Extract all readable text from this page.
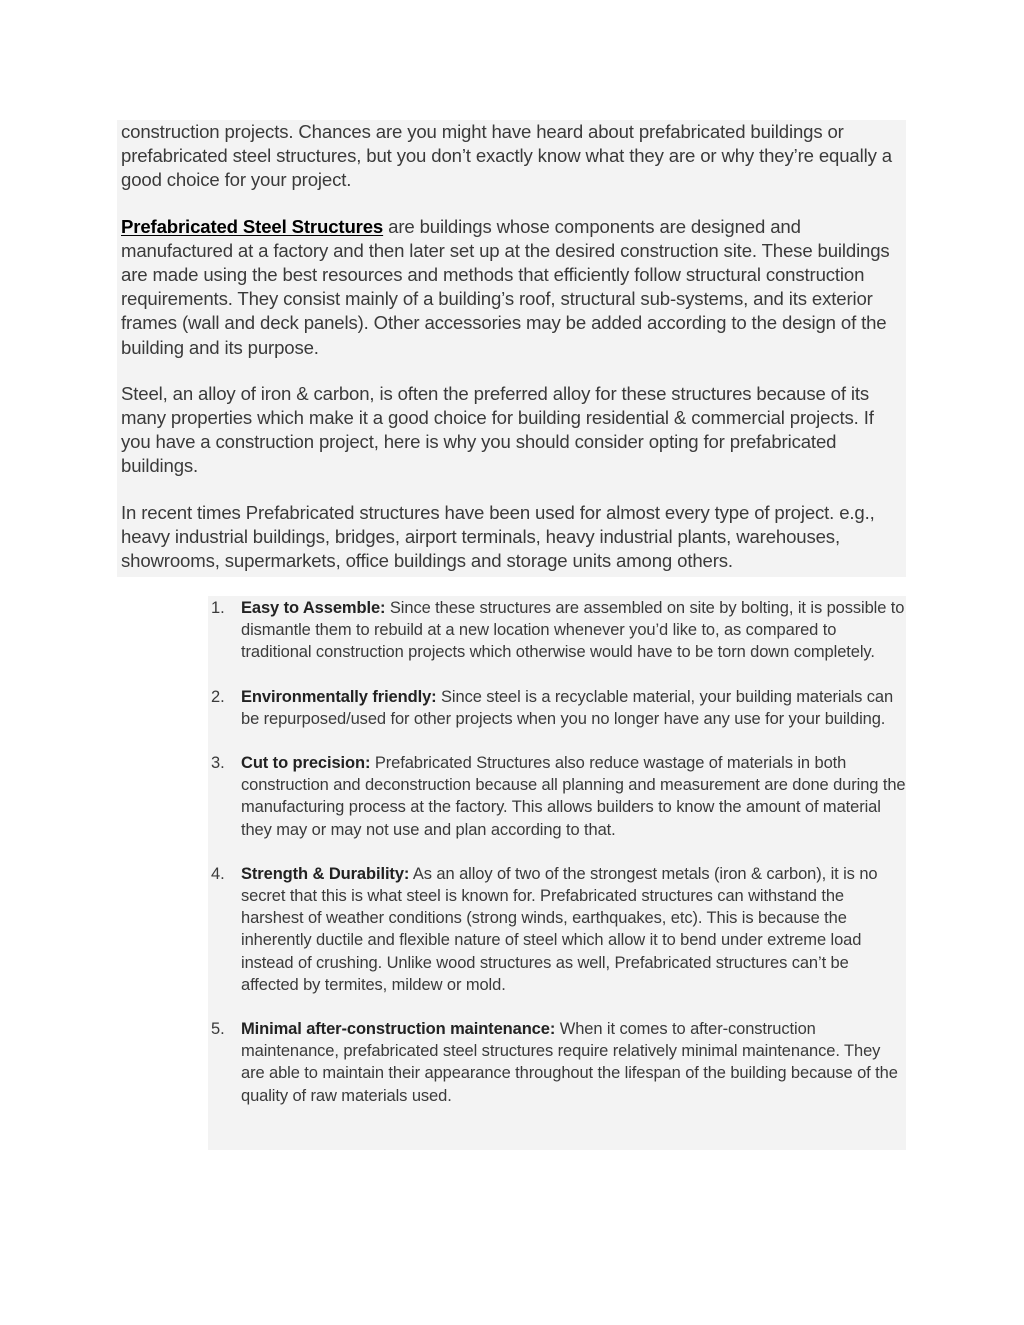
construction projects. Chances are you might have heard about prefabricated buildings or prefabricated steel structures, but you don’t exactly know what they are or why they’re equally a good choice for your project.

Prefabricated Steel Structures are buildings whose components are designed and manufactured at a factory and then later set up at the desired construction site. These buildings are made using the best resources and methods that efficiently follow structural construction requirements. They consist mainly of a building’s roof, structural sub-systems, and its exterior frames (wall and deck panels). Other accessories may be added according to the design of the building and its purpose.

Steel, an alloy of iron & carbon, is often the preferred alloy for these structures because of its many properties which make it a good choice for building residential & commercial projects. If you have a construction project, here is why you should consider opting for prefabricated buildings.

In recent times Prefabricated structures have been used for almost every type of project. e.g., heavy industrial buildings, bridges, airport terminals, heavy industrial plants, warehouses, showrooms, supermarkets, office buildings and storage units among others.

1. Easy to Assemble: Since these structures are assembled on site by bolting, it is possible to dismantle them to rebuild at a new location whenever you’d like to, as compared to traditional construction projects which otherwise would have to be torn down completely.
2. Environmentally friendly: Since steel is a recyclable material, your building materials can be repurposed/used for other projects when you no longer have any use for your building.
3. Cut to precision: Prefabricated Structures also reduce wastage of materials in both construction and deconstruction because all planning and measurement are done during the manufacturing process at the factory. This allows builders to know the amount of material they may or may not use and plan according to that.
4. Strength & Durability: As an alloy of two of the strongest metals (iron & carbon), it is no secret that this is what steel is known for. Prefabricated structures can withstand the harshest of weather conditions (strong winds, earthquakes, etc). This is because the inherently ductile and flexible nature of steel which allow it to bend under extreme load instead of crushing. Unlike wood structures as well, Prefabricated structures can’t be affected by termites, mildew or mold.
5. Minimal after-construction maintenance: When it comes to after-construction maintenance, prefabricated steel structures require relatively minimal maintenance. They are able to maintain their appearance throughout the lifespan of the building because of the quality of raw materials used.
